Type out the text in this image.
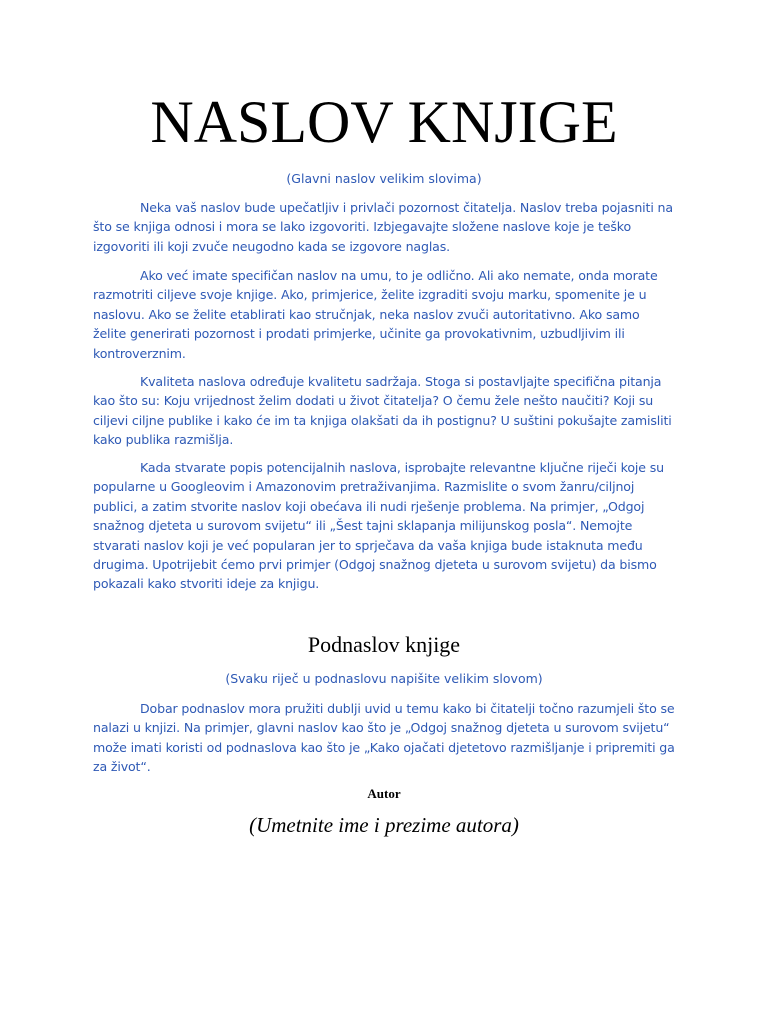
NASLOV KNJIGE

(Glavni naslov velikim slovima)

Neka vaš naslov bude upečatljiv i privlači pozornost čitatelja. Naslov treba pojasniti na što se knjiga odnosi i mora se lako izgovoriti. Izbjegavajte složene naslove koje je teško izgovoriti ili koji zvuče neugodno kada se izgovore naglas.

Ako već imate specifičan naslov na umu, to je odlično. Ali ako nemate, onda morate razmotriti ciljeve svoje knjige. Ako, primjerice, želite izgraditi svoju marku, spomenite je u naslovu. Ako se želite etablirati kao stručnjak, neka naslov zvuči autoritativno. Ako samo želite generirati pozornost i prodati primjerke, učinite ga provokativnim, uzbudljivim ili kontroverznim.

Kvaliteta naslova određuje kvalitetu sadržaja. Stoga si postavljajte specifična pitanja kao što su: Koju vrijednost želim dodati u život čitatelja? O čemu žele nešto naučiti? Koji su ciljevi ciljne publike i kako će im ta knjiga olakšati da ih postignu? U suštini pokušajte zamisliti kako publika razmišlja.

Kada stvarate popis potencijalnih naslova, isprobajte relevantne ključne riječi koje su popularne u Googleovim i Amazonovim pretraživanjima. Razmislite o svom žanru/ciljnoj publici, a zatim stvorite naslov koji obećava ili nudi rješenje problema. Na primjer, „Odgoj snažnog djeteta u surovom svijetu“ ili „Šest tajni sklapanja milijunskog posla“. Nemojte stvarati naslov koji je već popularan jer to sprječava da vaša knjiga bude istaknuta među drugima. Upotrijebit ćemo prvi primjer (Odgoj snažnog djeteta u surovom svijetu) da bismo pokazali kako stvoriti ideje za knjigu.

Podnaslov knjige

(Svaku riječ u podnaslovu napišite velikim slovom)

Dobar podnaslov mora pružiti dublji uvid u temu kako bi čitatelji točno razumjeli što se nalazi u knjizi. Na primjer, glavni naslov kao što je „Odgoj snažnog djeteta u surovom svijetu“ može imati koristi od podnaslova kao što je „Kako ojačati djetetovo razmišljanje i pripremiti ga za život“.

Autor

(Umetnite ime i prezime autora)
